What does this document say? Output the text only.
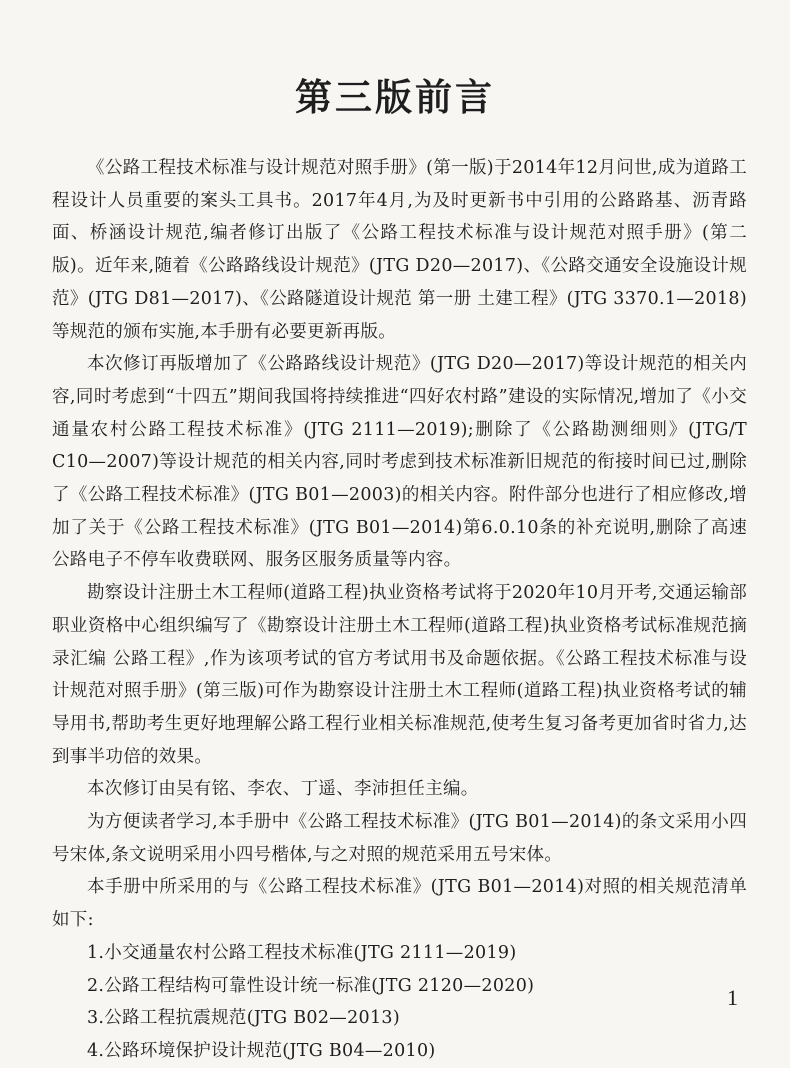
第三版前言

《公路工程技术标准与设计规范对照手册》(第一版)于2014年12月问世,成为道路工程设计人员重要的案头工具书。2017年4月,为及时更新书中引用的公路路基、沥青路面、桥涵设计规范,编者修订出版了《公路工程技术标准与设计规范对照手册》(第二版)。近年来,随着《公路路线设计规范》(JTG D20—2017)、《公路交通安全设施设计规范》(JTG D81—2017)、《公路隧道设计规范 第一册 土建工程》(JTG 3370.1—2018)等规范的颁布实施,本手册有必要更新再版。

本次修订再版增加了《公路路线设计规范》(JTG D20—2017)等设计规范的相关内容,同时考虑到“十四五”期间我国将持续推进“四好农村路”建设的实际情况,增加了《小交通量农村公路工程技术标准》(JTG 2111—2019);删除了《公路勘测细则》(JTG/T C10—2007)等设计规范的相关内容,同时考虑到技术标准新旧规范的衔接时间已过,删除了《公路工程技术标准》(JTG B01—2003)的相关内容。附件部分也进行了相应修改,增加了关于《公路工程技术标准》(JTG B01—2014)第6.0.10条的补充说明,删除了高速公路电子不停车收费联网、服务区服务质量等内容。

勘察设计注册土木工程师(道路工程)执业资格考试将于2020年10月开考,交通运输部职业资格中心组织编写了《勘察设计注册土木工程师(道路工程)执业资格考试标准规范摘录汇编 公路工程》,作为该项考试的官方考试用书及命题依据。《公路工程技术标准与设计规范对照手册》(第三版)可作为勘察设计注册土木工程师(道路工程)执业资格考试的辅导用书,帮助考生更好地理解公路工程行业相关标准规范,使考生复习备考更加省时省力,达到事半功倍的效果。

本次修订由吴有铭、李农、丁遥、李沛担任主编。

为方便读者学习,本手册中《公路工程技术标准》(JTG B01—2014)的条文采用小四号宋体,条文说明采用小四号楷体,与之对照的规范采用五号宋体。

本手册中所采用的与《公路工程技术标准》(JTG B01—2014)对照的相关规范清单如下:

1.小交通量农村公路工程技术标准(JTG 2111—2019)
2.公路工程结构可靠性设计统一标准(JTG 2120—2020)
3.公路工程抗震规范(JTG B02—2013)
4.公路环境保护设计规范(JTG B04—2010)
1
